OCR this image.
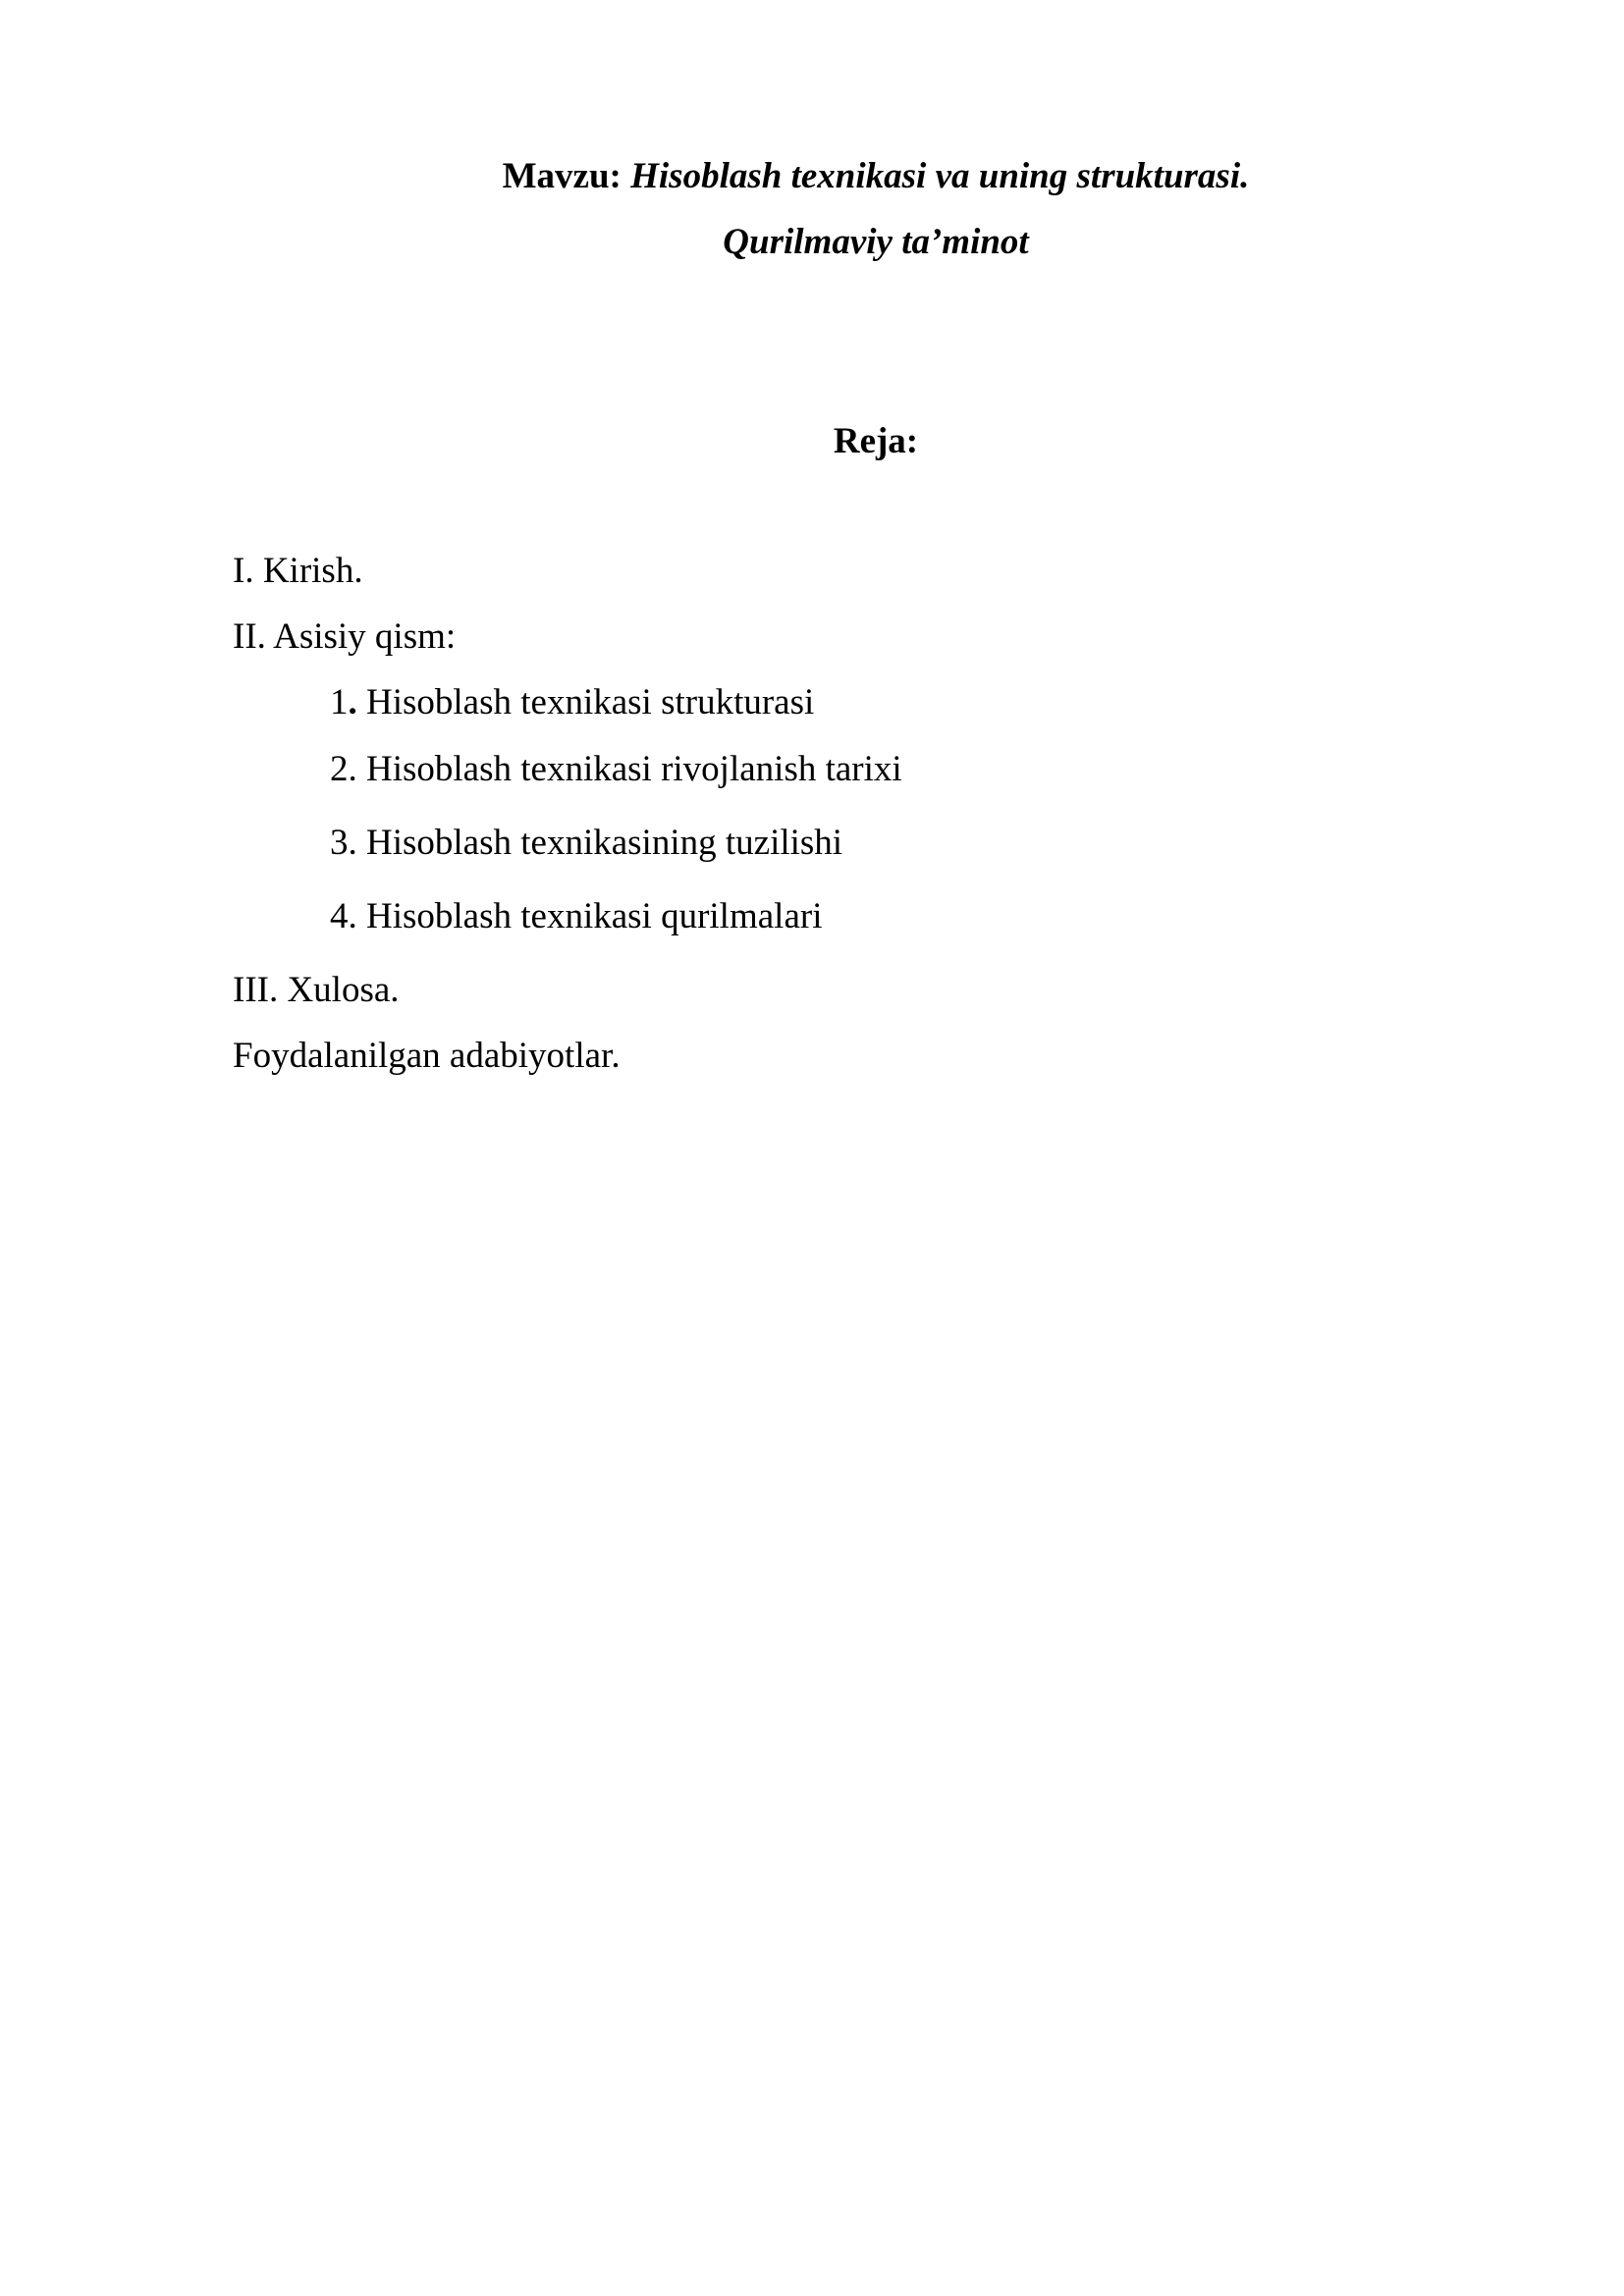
Mavzu: Hisoblash texnikasi va uning strukturasi.
Qurilmaviy ta’minot
Reja:
I. Kirish.
II. Asisiy qism:
1. Hisoblash texnikasi strukturasi
2. Hisoblash texnikasi rivojlanish tarixi
3. Hisoblash texnikasining tuzilishi
4. Hisoblash texnikasi qurilmalari
III. Xulosa.
Foydalanilgan adabiyotlar.
